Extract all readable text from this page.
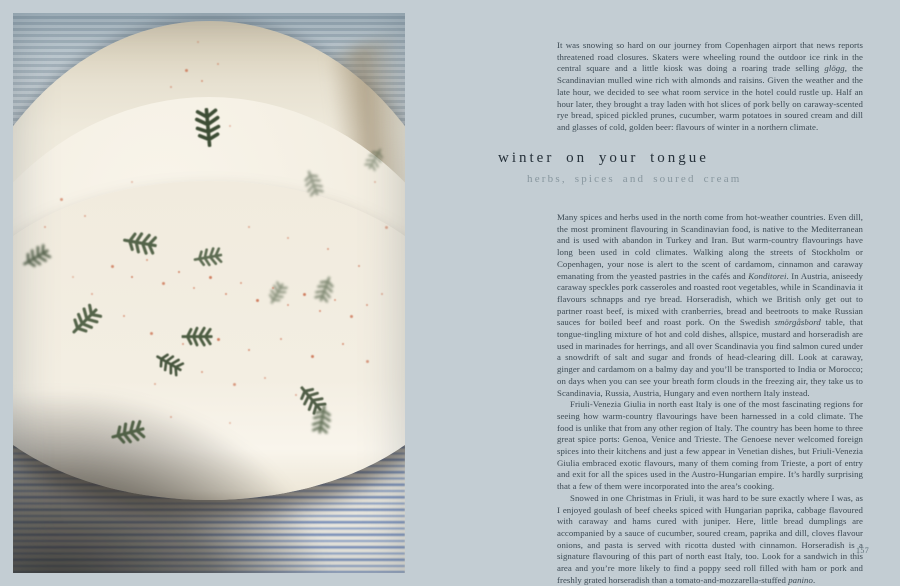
It was snowing so hard on our journey from Copenhagen airport that news reports threatened road closures. Skaters were wheeling round the outdoor ice rink in the central square and a little kiosk was doing a roaring trade selling glögg, the Scandinavian mulled wine rich with almonds and raisins. Given the weather and the late hour, we decided to see what room service in the hotel could rustle up. Half an hour later, they brought a tray laden with hot slices of pork belly on caraway-scented rye bread, spiced pickled prunes, cucumber, warm potatoes in soured cream and dill and glasses of cold, golden beer: flavours of winter in a northern climate.

winter on your tongue
herbs, spices and soured cream

Many spices and herbs used in the north come from hot-weather countries. Even dill, the most prominent flavouring in Scandinavian food, is native to the Mediterranean and is used with abandon in Turkey and Iran. But warm-country flavourings have long been used in cold climates. Walking along the streets of Stockholm or Copenhagen, your nose is alert to the scent of cardamom, cinnamon and caraway emanating from the yeasted pastries in the cafés and Konditorei. In Austria, aniseedy caraway speckles pork casseroles and roasted root vegetables, while in Scandinavia it flavours schnapps and rye bread. Horseradish, which we British only get out to partner roast beef, is mixed with cranberries, bread and beetroots to make Russian sauces for boiled beef and roast pork. On the Swedish smörgåsbord table, that tongue-tingling mixture of hot and cold dishes, allspice, mustard and horseradish are used in marinades for herrings, and all over Scandinavia you find salmon cured under a snowdrift of salt and sugar and fronds of head-clearing dill. Look at caraway, ginger and cardamom on a balmy day and you’ll be transported to India or Morocco; on days when you can see your breath form clouds in the freezing air, they take us to Scandinavia, Russia, Austria, Hungary and even northern Italy instead.

Friuli-Venezia Giulia in north east Italy is one of the most fascinating regions for seeing how warm-country flavourings have been harnessed in a cold climate. The food is unlike that from any other region of Italy. The country has been home to three great spice ports: Genoa, Venice and Trieste. The Genoese never welcomed foreign spices into their kitchens and just a few appear in Venetian dishes, but Friuli-Venezia Giulia embraced exotic flavours, many of them coming from Trieste, a port of entry and exit for all the spices used in the Austro-Hungarian empire. It’s hardly surprising that a few of them were incorporated into the area’s cooking.

Snowed in one Christmas in Friuli, it was hard to be sure exactly where I was, as I enjoyed goulash of beef cheeks spiced with Hungarian paprika, cabbage flavoured with caraway and hams cured with juniper. Here, little bread dumplings are accompanied by a sauce of cucumber, soured cream, paprika and dill, cloves flavour onions, and pasta is served with ricotta dusted with cinnamon. Horseradish is a signature flavouring of this part of north east Italy, too. Look for a sandwich in this area and you’re more likely to find a poppy seed roll filled with ham or pork and freshly grated horseradish than a tomato-and-mozzarella-stuffed panino.

157
